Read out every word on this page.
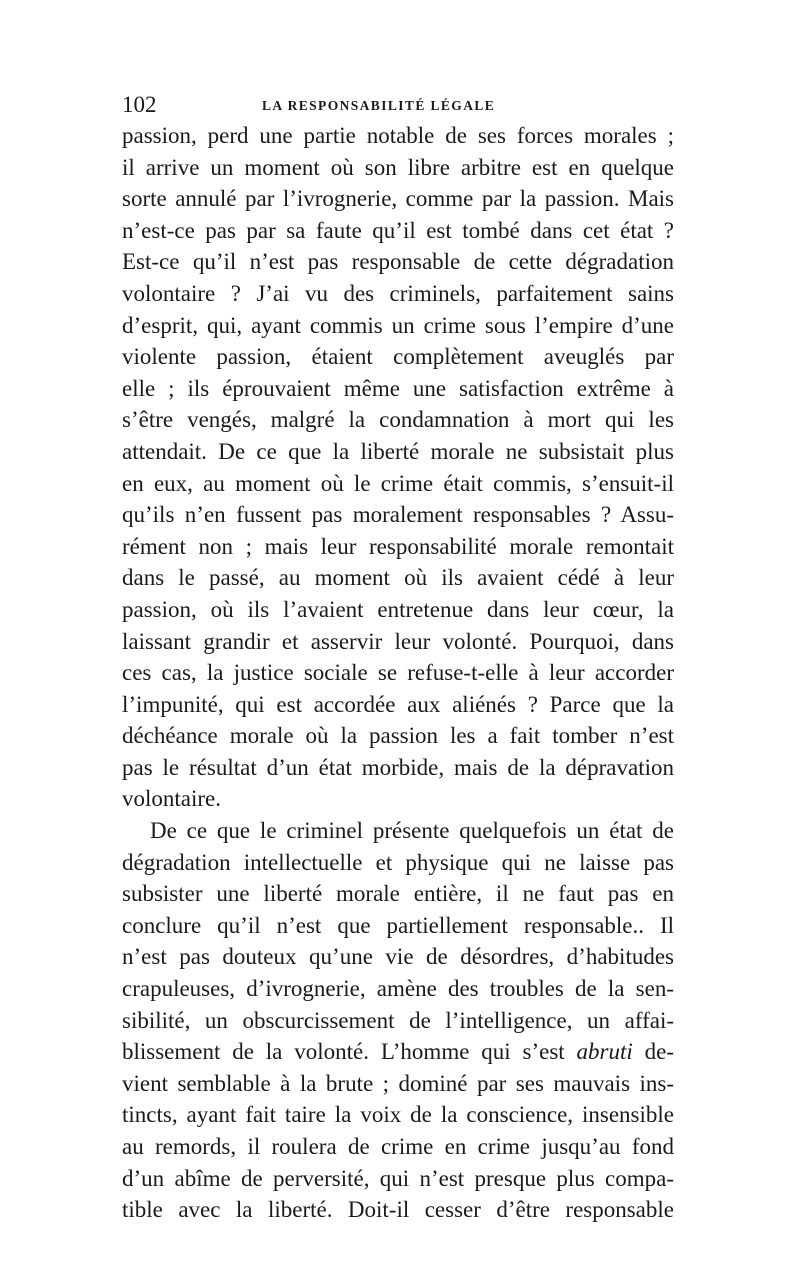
102	LA RESPONSABILITÉ LÉGALE
passion, perd une partie notable de ses forces morales ;
il arrive un moment où son libre arbitre est en quelque
sorte annulé par l’ivrognerie, comme par la passion. Mais
n’est-ce pas par sa faute qu’il est tombé dans cet état ?
Est-ce qu’il n’est pas responsable de cette dégradation
volontaire ? J’ai vu des criminels, parfaitement sains
d’esprit, qui, ayant commis un crime sous l’empire d’une
violente passion, étaient complètement aveuglés par
elle ; ils éprouvaient même une satisfaction extrême à
s’être vengés, malgré la condamnation à mort qui les
attendait. De ce que la liberté morale ne subsistait plus
en eux, au moment où le crime était commis, s’ensuit-il
qu’ils n’en fussent pas moralement responsables ? Assu-
rément non ; mais leur responsabilité morale remontait
dans le passé, au moment où ils avaient cédé à leur
passion, où ils l’avaient entretenue dans leur cœur, la
laissant grandir et asservir leur volonté. Pourquoi, dans
ces cas, la justice sociale se refuse-t-elle à leur accorder
l’impunité, qui est accordée aux aliénés ? Parce que la
déchéance morale où la passion les a fait tomber n’est
pas le résultat d’un état morbide, mais de la dépravation
volontaire.
De ce que le criminel présente quelquefois un état de
dégradation intellectuelle et physique qui ne laisse pas
subsister une liberté morale entière, il ne faut pas en
conclure qu’il n’est que partiellement responsable.. Il
n’est pas douteux qu’une vie de désordres, d’habitudes
crapuleuses, d’ivrognerie, amène des troubles de la sen-
sibilité, un obscurcissement de l’intelligence, un affai-
blissement de la volonté. L’homme qui s’est abruti de-
vient semblable à la brute ; dominé par ses mauvais ins-
tincts, ayant fait taire la voix de la conscience, insensible
au remords, il roulera de crime en crime jusqu’au fond
d’un abîme de perversité, qui n’est presque plus compa-
tible avec la liberté. Doit-il cesser d’être responsable
